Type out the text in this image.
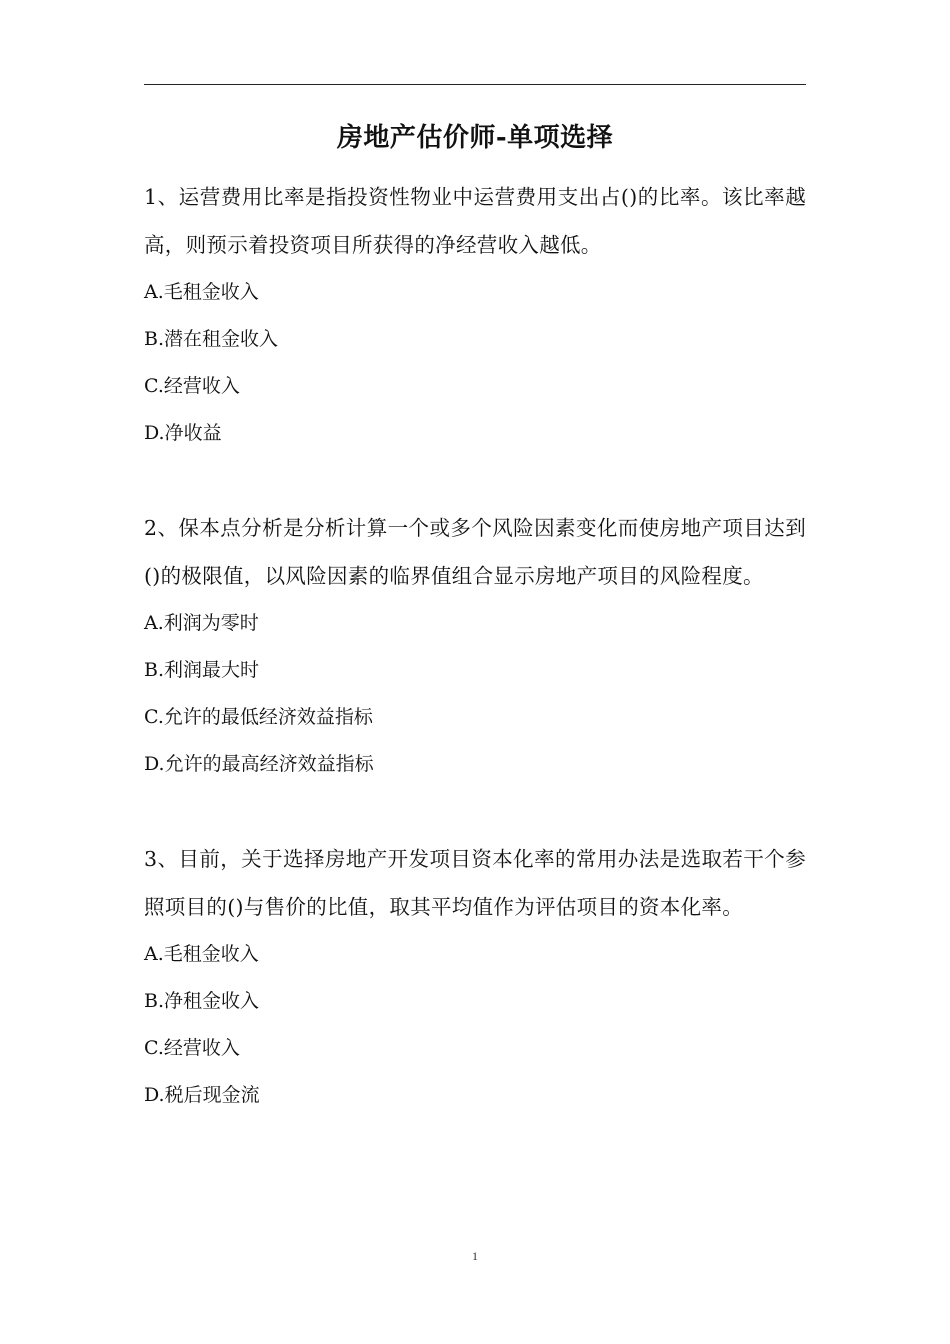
房地产估价师-单项选择

1、运营费用比率是指投资性物业中运营费用支出占()的比率。该比率越高，则预示着投资项目所获得的净经营收入越低。

A.毛租金收入

B.潜在租金收入

C.经营收入

D.净收益

2、保本点分析是分析计算一个或多个风险因素变化而使房地产项目达到()的极限值，以风险因素的临界值组合显示房地产项目的风险程度。

A.利润为零时

B.利润最大时

C.允许的最低经济效益指标

D.允许的最高经济效益指标

3、目前，关于选择房地产开发项目资本化率的常用办法是选取若干个参照项目的()与售价的比值，取其平均值作为评估项目的资本化率。

A.毛租金收入

B.净租金收入

C.经营收入

D.税后现金流

1
